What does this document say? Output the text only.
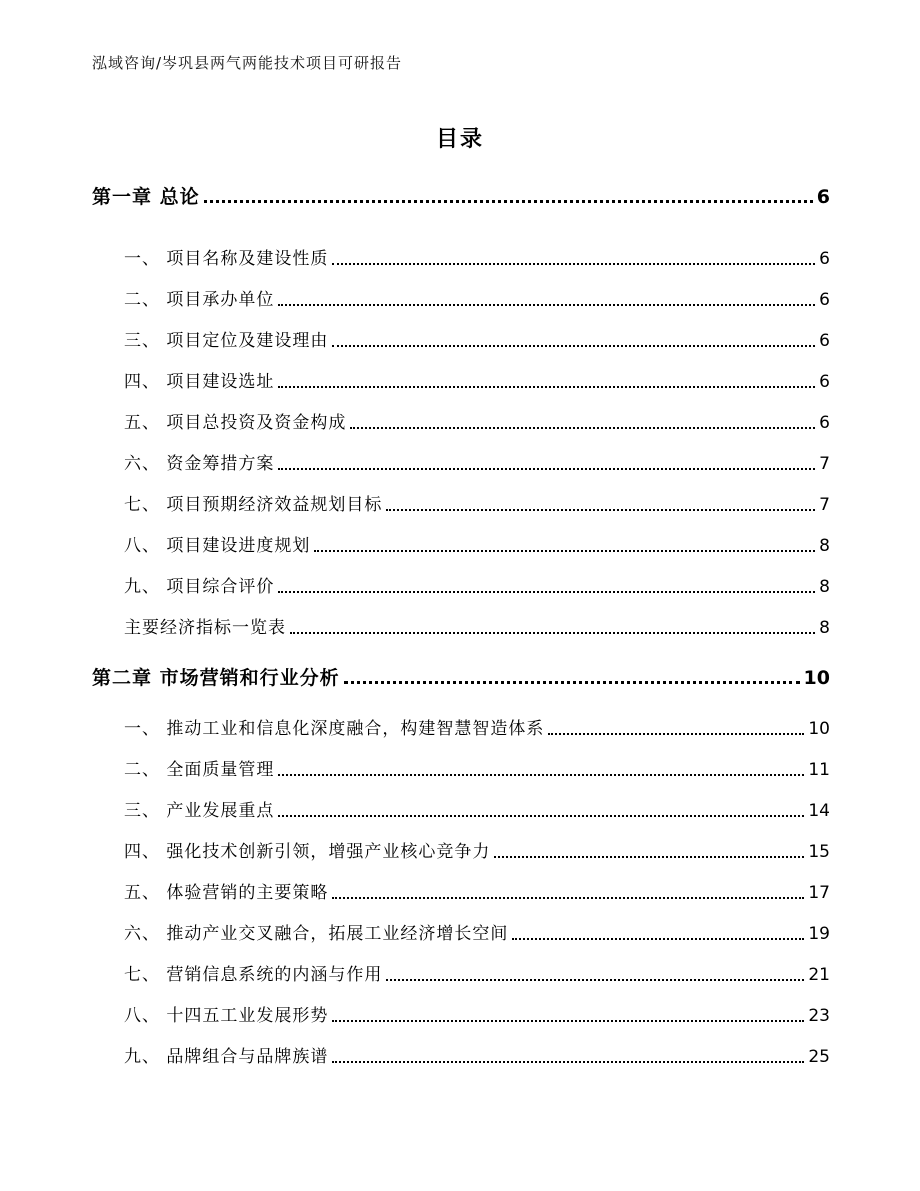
泓域咨询/岑巩县两气两能技术项目可研报告
目录
第一章 总论	6
一、 项目名称及建设性质	6
二、 项目承办单位	6
三、 项目定位及建设理由	6
四、 项目建设选址	6
五、 项目总投资及资金构成	6
六、 资金筹措方案	7
七、 项目预期经济效益规划目标	7
八、 项目建设进度规划	8
九、 项目综合评价	8
主要经济指标一览表	8
第二章 市场营销和行业分析	10
一、 推动工业和信息化深度融合，构建智慧智造体系	10
二、 全面质量管理	11
三、 产业发展重点	14
四、 强化技术创新引领，增强产业核心竞争力	15
五、 体验营销的主要策略	17
六、 推动产业交叉融合，拓展工业经济增长空间	19
七、 营销信息系统的内涵与作用	21
八、 十四五工业发展形势	23
九、 品牌组合与品牌族谱	25
